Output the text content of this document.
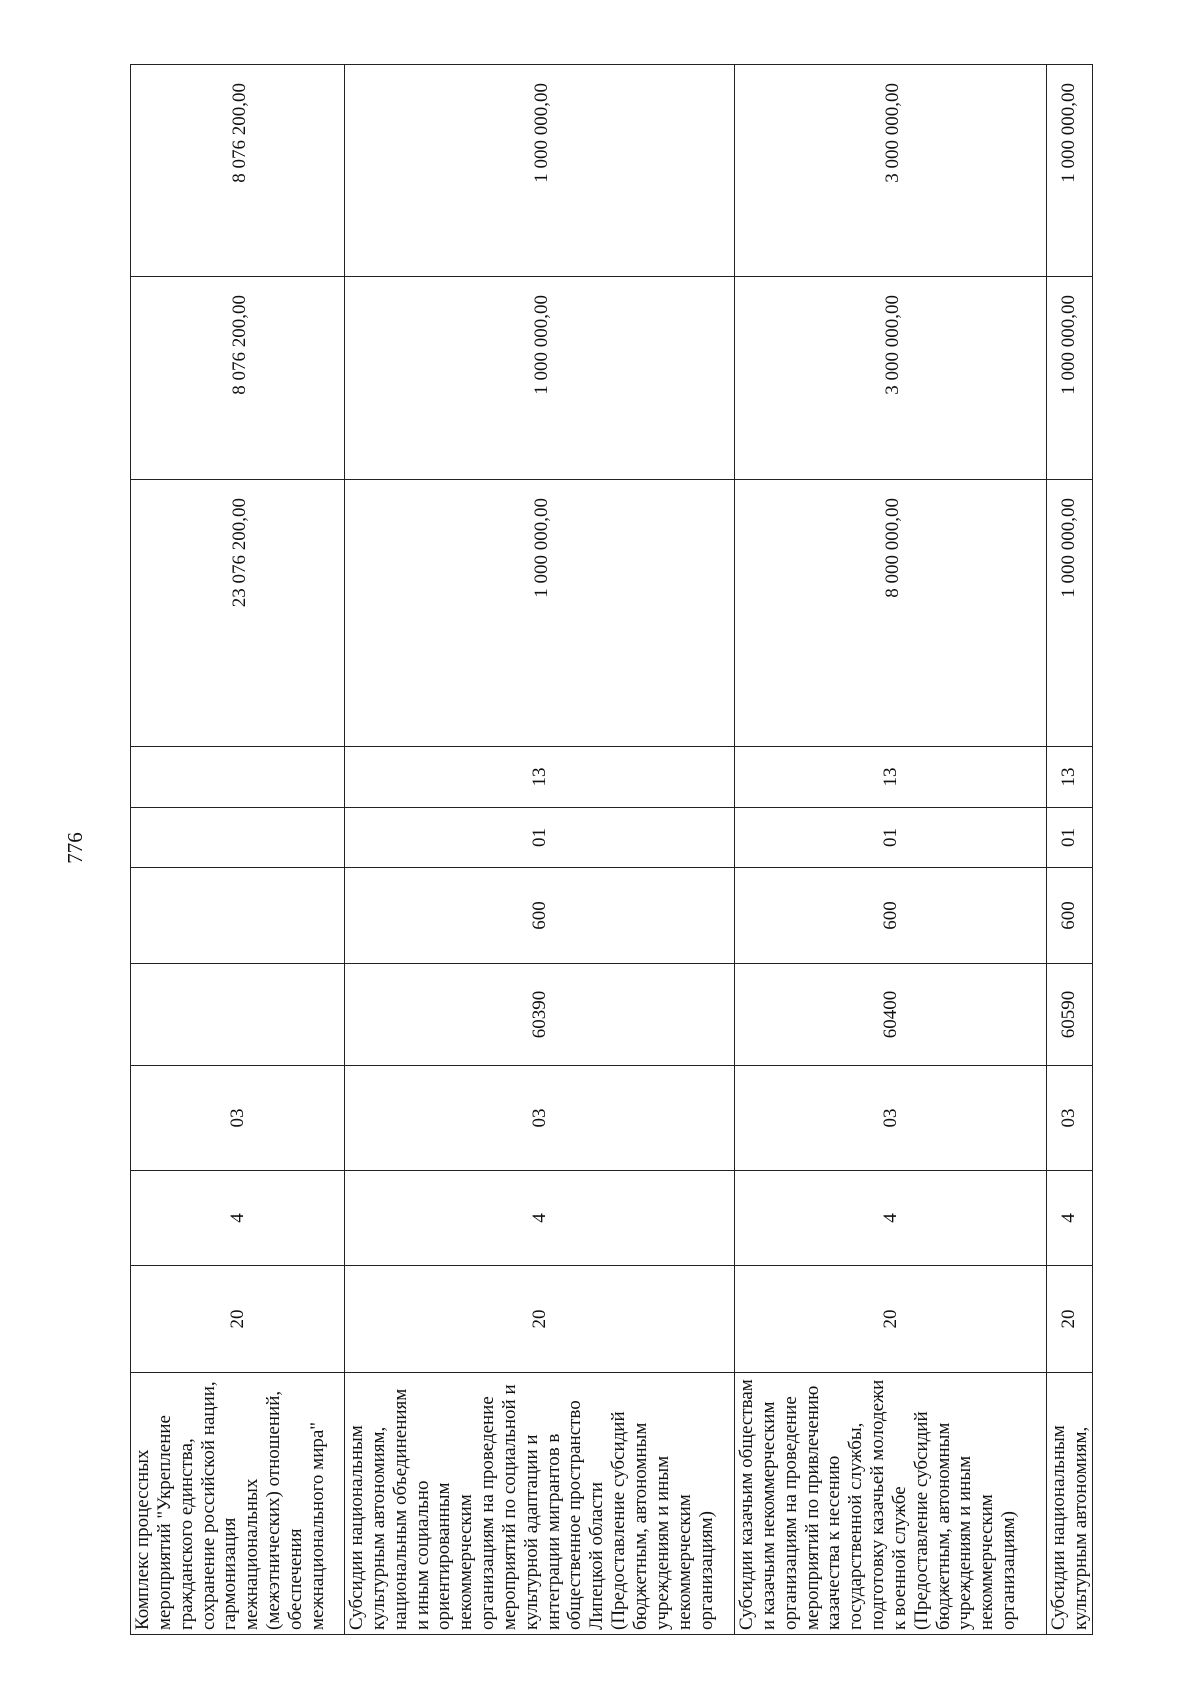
776
Комплекс процессных мероприятий "Укрепление гражданского единства, сохранение российской нации, гармонизация межнациональных (межэтнических) отношений, обеспечения межнационального мира"	20	4	03					23 076 200,00	8 076 200,00	8 076 200,00
Субсидии национальным культурным автономиям, национальным объединениям и иным социально ориентированным некоммерческим организациям на проведение мероприятий по социальной и культурной адаптации и интеграции мигрантов в общественное пространство Липецкой области (Предоставление субсидий бюджетным, автономным учреждениям и иным некоммерческим организациям)	20	4	03	60390	600	01	13	1 000 000,00	1 000 000,00	1 000 000,00
Субсидии казачьим обществам и казачьим некоммерческим организациям на проведение мероприятий по привлечению казачества к несению государственной службы, подготовку казачьей молодежи к военной службе (Предоставление субсидий бюджетным, автономным учреждениям и иным некоммерческим организациям)	20	4	03	60400	600	01	13	8 000 000,00	3 000 000,00	3 000 000,00
Субсидии национальным культурным автономиям,	20	4	03	60590	600	01	13	1 000 000,00	1 000 000,00	1 000 000,00
